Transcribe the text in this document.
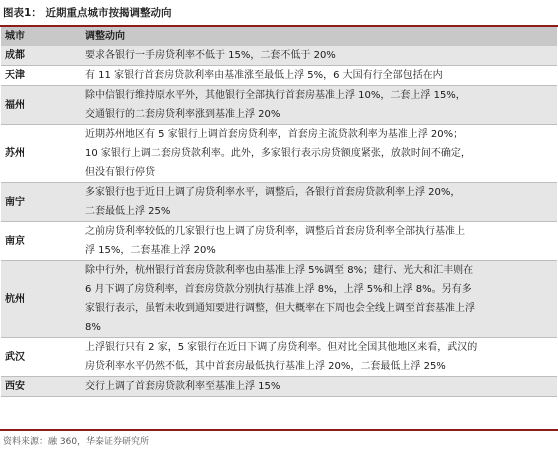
图表1： 近期重点城市按揭调整动向
城市	调整动向
成都	要求各银行一手房贷利率不低于 15%，二套不低于 20%

天津	有 11 家银行首套房贷款利率由基准涨至最低上浮 5%，6 大国有行全部包括在内

福州	除中信银行维持原水平外，其他银行全部执行首套房基准上浮 10%，二套上浮 15%，
交通银行的二套房贷利率涨到基准上浮 20%

苏州	近期苏州地区有 5 家银行上调首套房贷利率，首套房主流贷款利率为基准上浮 20%；
10 家银行上调二套房贷款利率。此外，多家银行表示房贷额度紧张，放款时间不确定，
但没有银行停贷

南宁	多家银行也于近日上调了房贷利率水平，调整后，各银行首套房贷款利率上浮 20%，
二套最低上浮 25%

南京	之前房贷利率较低的几家银行也上调了房贷利率，调整后首套房贷利率全部执行基准上
浮 15%，二套基准上浮 20%

杭州	除中行外，杭州银行首套房贷款利率也由基准上浮 5%调至 8%；建行、光大和汇丰则在
6 月下调了房贷利率，首套房贷款分别执行基准上浮 8%，上浮 5%和上浮 8%。另有多
家银行表示，虽暂未收到通知要进行调整，但大概率在下周也会全线上调至首套基准上浮
8%

武汉	上浮银行只有 2 家，5 家银行在近日下调了房贷利率。但对比全国其他地区来看，武汉的
房贷利率水平仍然不低，其中首套房最低执行基准上浮 20%，二套最低上浮 25%

西安	交行上调了首套房贷款利率至基准上浮 15%
资料来源：融 360，华泰证券研究所
